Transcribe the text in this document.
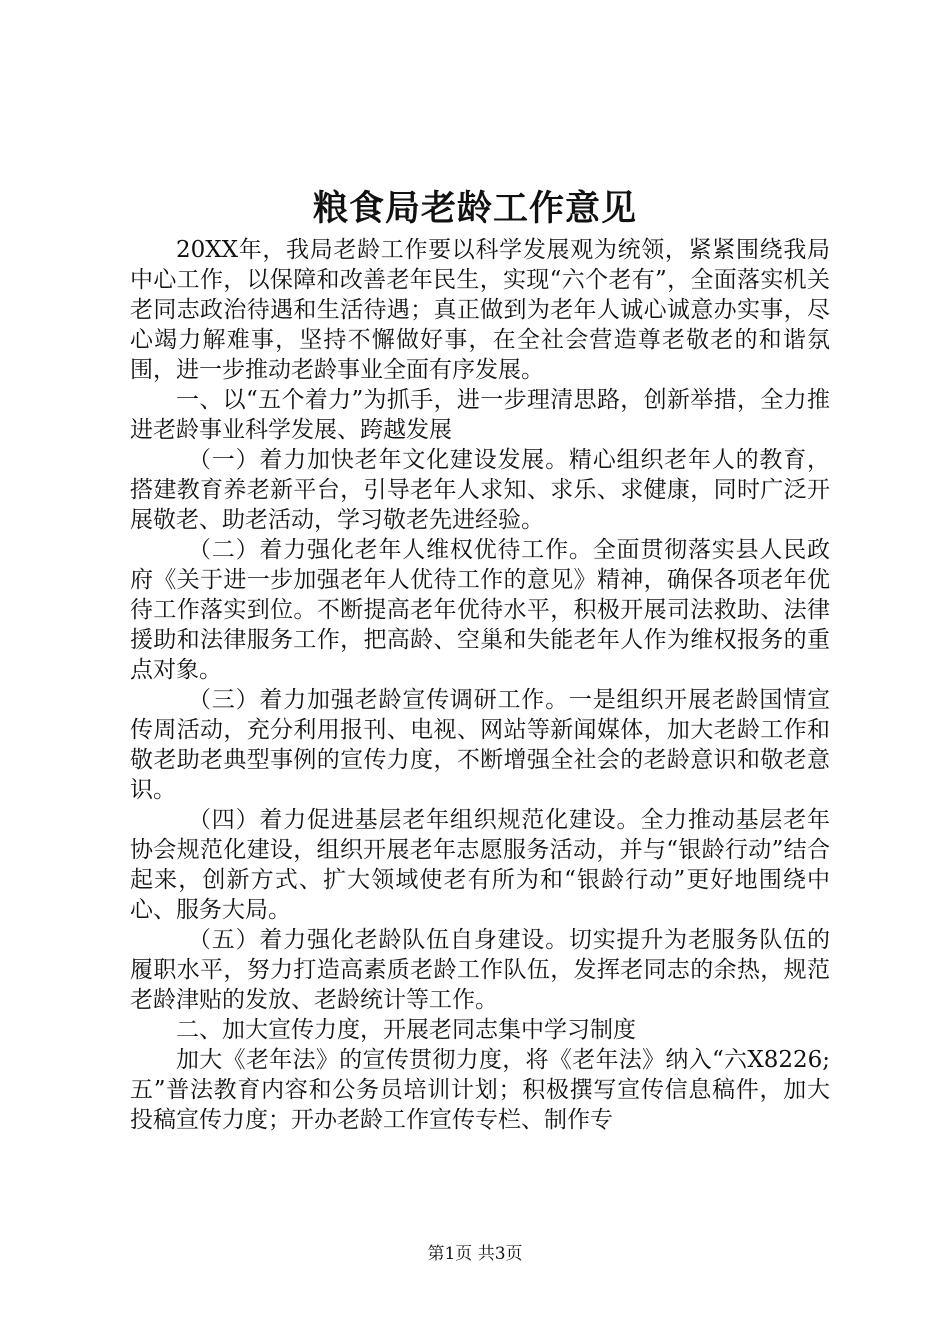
粮食局老龄工作意见

20XX年，我局老龄工作要以科学发展观为统领，紧紧围绕我局中心工作，以保障和改善老年民生，实现“六个老有”，全面落实机关老同志政治待遇和生活待遇；真正做到为老年人诚心诚意办实事，尽心竭力解难事，坚持不懈做好事，在全社会营造尊老敬老的和谐氛围，进一步推动老龄事业全面有序发展。

一、以“五个着力”为抓手，进一步理清思路，创新举措，全力推进老龄事业科学发展、跨越发展

（一）着力加快老年文化建设发展。精心组织老年人的教育，搭建教育养老新平台，引导老年人求知、求乐、求健康，同时广泛开展敬老、助老活动，学习敬老先进经验。

（二）着力强化老年人维权优待工作。全面贯彻落实县人民政府《关于进一步加强老年人优待工作的意见》精神，确保各项老年优待工作落实到位。不断提高老年优待水平，积极开展司法救助、法律援助和法律服务工作，把高龄、空巢和失能老年人作为维权报务的重点对象。

（三）着力加强老龄宣传调研工作。一是组织开展老龄国情宣传周活动，充分利用报刊、电视、网站等新闻媒体，加大老龄工作和敬老助老典型事例的宣传力度，不断增强全社会的老龄意识和敬老意识。

（四）着力促进基层老年组织规范化建设。全力推动基层老年协会规范化建设，组织开展老年志愿服务活动，并与“银龄行动”结合起来，创新方式、扩大领域使老有所为和“银龄行动”更好地围绕中心、服务大局。

（五）着力强化老龄队伍自身建设。切实提升为老服务队伍的履职水平，努力打造高素质老龄工作队伍，发挥老同志的余热，规范老龄津贴的发放、老龄统计等工作。

二、加大宣传力度，开展老同志集中学习制度

加大《老年法》的宣传贯彻力度，将《老年法》纳入“六X8226;五”普法教育内容和公务员培训计划；积极撰写宣传信息稿件，加大投稿宣传力度；开办老龄工作宣传专栏、制作专

第1页 共3页
